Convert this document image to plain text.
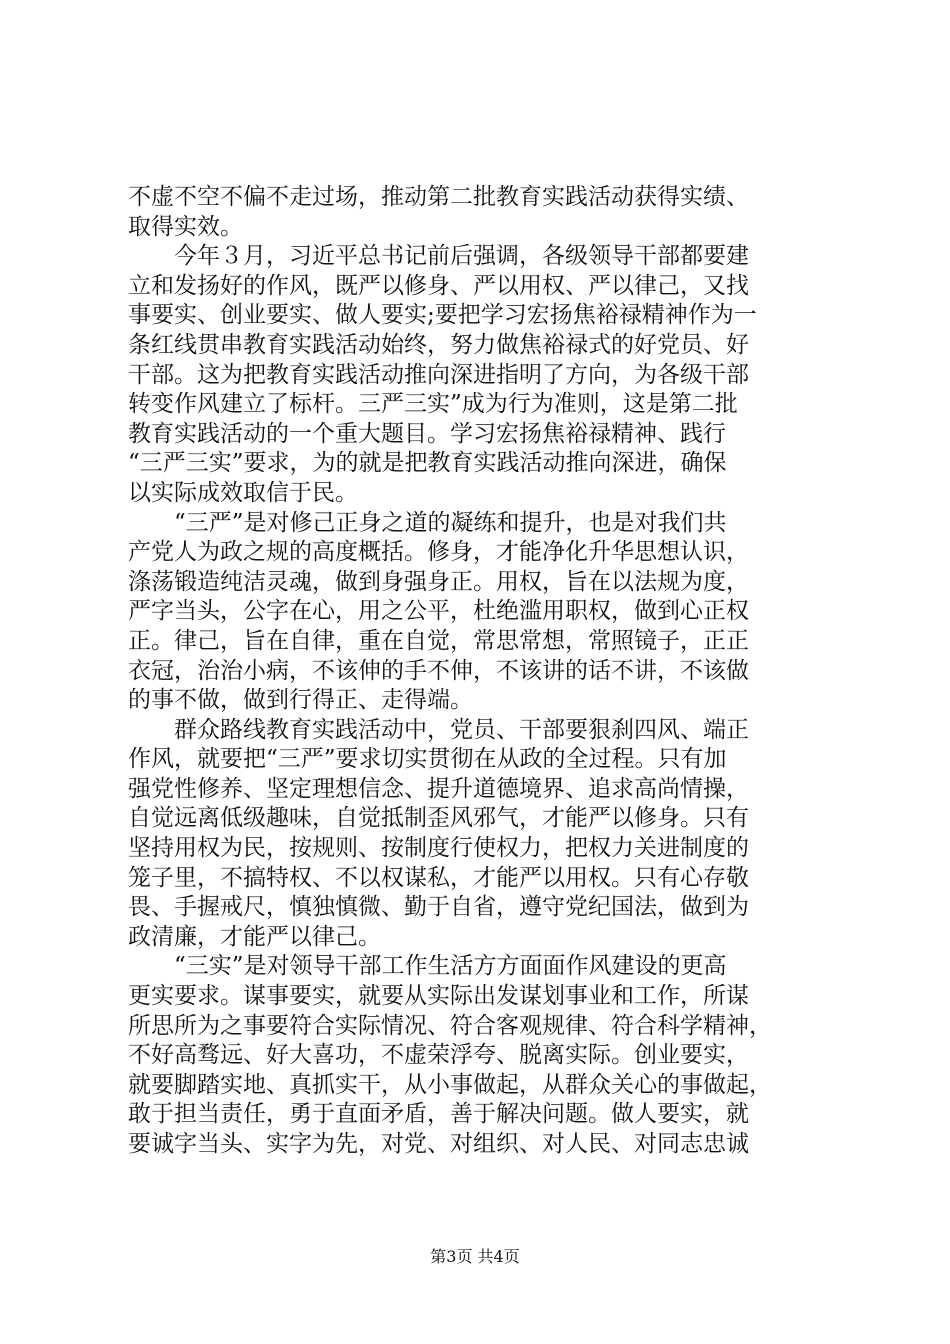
不虚不空不偏不走过场，推动第二批教育实践活动获得实绩、
取得实效。
今年３月，习近平总书记前后强调，各级领导干部都要建
立和发扬好的作风，既严以修身、严以用权、严以律己，又找
事要实、创业要实、做人要实;要把学习宏扬焦裕禄精神作为一
条红线贯串教育实践活动始终，努力做焦裕禄式的好党员、好
干部。这为把教育实践活动推向深进指明了方向，为各级干部
转变作风建立了标杆。三严三实”成为行为准则，这是第二批
教育实践活动的一个重大题目。学习宏扬焦裕禄精神、践行
“三严三实”要求，为的就是把教育实践活动推向深进，确保
以实际成效取信于民。
“三严”是对修己正身之道的凝练和提升，也是对我们共
产党人为政之规的高度概括。修身，才能净化升华思想认识，
涤荡锻造纯洁灵魂，做到身强身正。用权，旨在以法规为度，
严字当头，公字在心，用之公平，杜绝滥用职权，做到心正权
正。律己，旨在自律，重在自觉，常思常想，常照镜子，正正
衣冠，治治小病，不该伸的手不伸，不该讲的话不讲，不该做
的事不做，做到行得正、走得端。
群众路线教育实践活动中，党员、干部要狠刹四风、端正
作风，就要把“三严”要求切实贯彻在从政的全过程。只有加
强党性修养、坚定理想信念、提升道德境界、追求高尚情操，
自觉远离低级趣味，自觉抵制歪风邪气，才能严以修身。只有
坚持用权为民，按规则、按制度行使权力，把权力关进制度的
笼子里，不搞特权、不以权谋私，才能严以用权。只有心存敬
畏、手握戒尺，慎独慎微、勤于自省，遵守党纪国法，做到为
政清廉，才能严以律己。
“三实”是对领导干部工作生活方方面面作风建设的更高
更实要求。谋事要实，就要从实际出发谋划事业和工作，所谋
所思所为之事要符合实际情况、符合客观规律、符合科学精神，
不好高骛远、好大喜功，不虚荣浮夸、脱离实际。创业要实，
就要脚踏实地、真抓实干，从小事做起，从群众关心的事做起，
敢于担当责任，勇于直面矛盾，善于解决问题。做人要实，就
要诚字当头、实字为先，对党、对组织、对人民、对同志忠诚
第3页 共4页
